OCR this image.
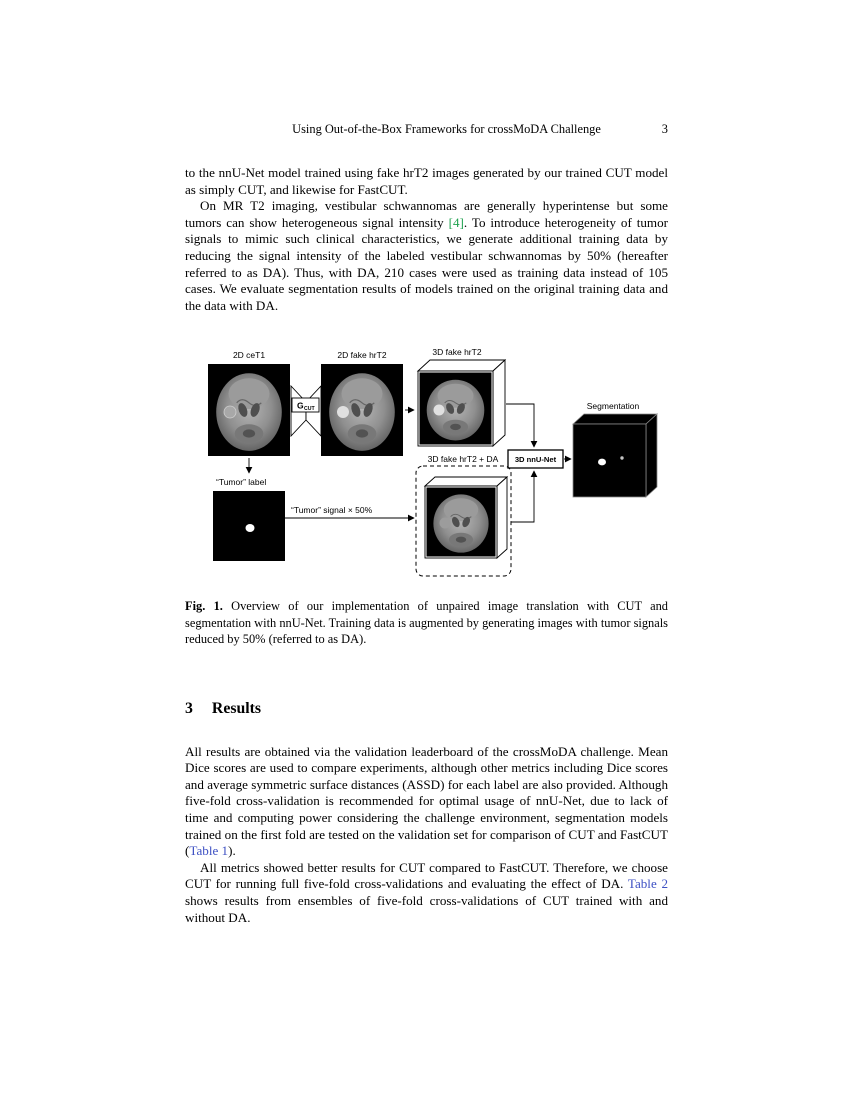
Using Out-of-the-Box Frameworks for crossMoDA Challenge	3

to the nnU-Net model trained using fake hrT2 images generated by our trained CUT model as simply CUT, and likewise for FastCUT.

On MR T2 imaging, vestibular schwannomas are generally hyperintense but some tumors can show heterogeneous signal intensity [4]. To introduce heterogeneity of tumor signals to mimic such clinical characteristics, we generate additional training data by reducing the signal intensity of the labeled vestibular schwannomas by 50% (hereafter referred to as DA). Thus, with DA, 210 cases were used as training data instead of 105 cases. We evaluate segmentation results of models trained on the original training data and the data with DA.

2D ceT1
G CUT
2D fake hrT2	3D fake hrT2
3D nnU-Net
Segmentation
3D fake hrT2 + DA
“Tumor” label
“Tumor” signal × 50%
Fig. 1. Overview of our implementation of unpaired image translation with CUT and segmentation with nnU-Net. Training data is augmented by generating images with tumor signals reduced by 50% (referred to as DA).
3 Results

All results are obtained via the validation leaderboard of the crossMoDA challenge. Mean Dice scores are used to compare experiments, although other metrics including Dice scores and average symmetric surface distances (ASSD) for each label are also provided. Although five-fold cross-validation is recommended for optimal usage of nnU-Net, due to lack of time and computing power considering the challenge environment, segmentation models trained on the first fold are tested on the validation set for comparison of CUT and FastCUT (Table 1).

All metrics showed better results for CUT compared to FastCUT. Therefore, we choose CUT for running full five-fold cross-validations and evaluating the effect of DA. Table 2 shows results from ensembles of five-fold cross-validations of CUT trained with and without DA.
